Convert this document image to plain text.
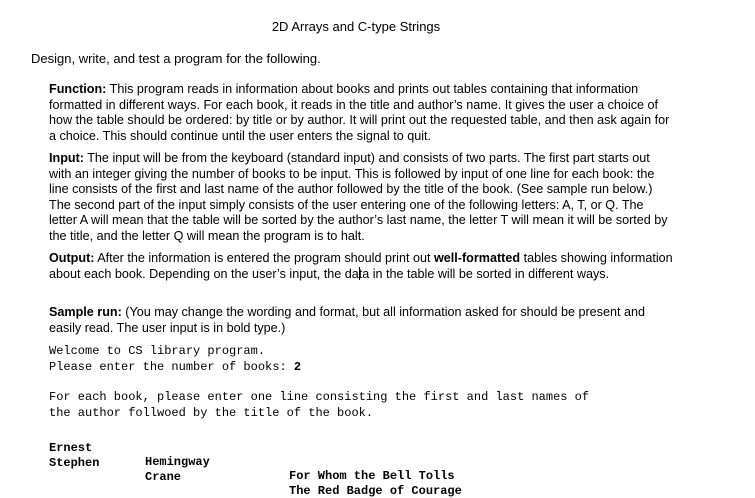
2D Arrays and C-type Strings
Design, write, and test a program for the following.
Function: This program reads in information about books and prints out tables containing that information formatted in different ways. For each book, it reads in the title and author’s name. It gives the user a choice of how the table should be ordered: by title or by author. It will print out the requested table, and then ask again for a choice. This should continue until the user enters the signal to quit.
Input: The input will be from the keyboard (standard input) and consists of two parts. The first part starts out with an integer giving the number of books to be input. This is followed by input of one line for each book: the line consists of the first and last name of the author followed by the title of the book. (See sample run below.) The second part of the input simply consists of the user entering one of the following letters: A, T, or Q. The letter A will mean that the table will be sorted by the author’s last name, the letter T will mean it will be sorted by the title, and the letter Q will mean the program is to halt.
Output: After the information is entered the program should print out well-formatted tables showing information about each book. Depending on the user’s input, the data in the table will be sorted in different ways.
Sample run: (You may change the wording and format, but all information asked for should be present and easily read. The user input is in bold type.)
Welcome to CS library program.
Please enter the number of books: 2
For each book, please enter one line consisting the first and last names of
the author follwoed by the title of the book.

Ernest

Hemingway

For Whom the Bell Tolls

Stephen

Crane

The Red Badge of Courage
